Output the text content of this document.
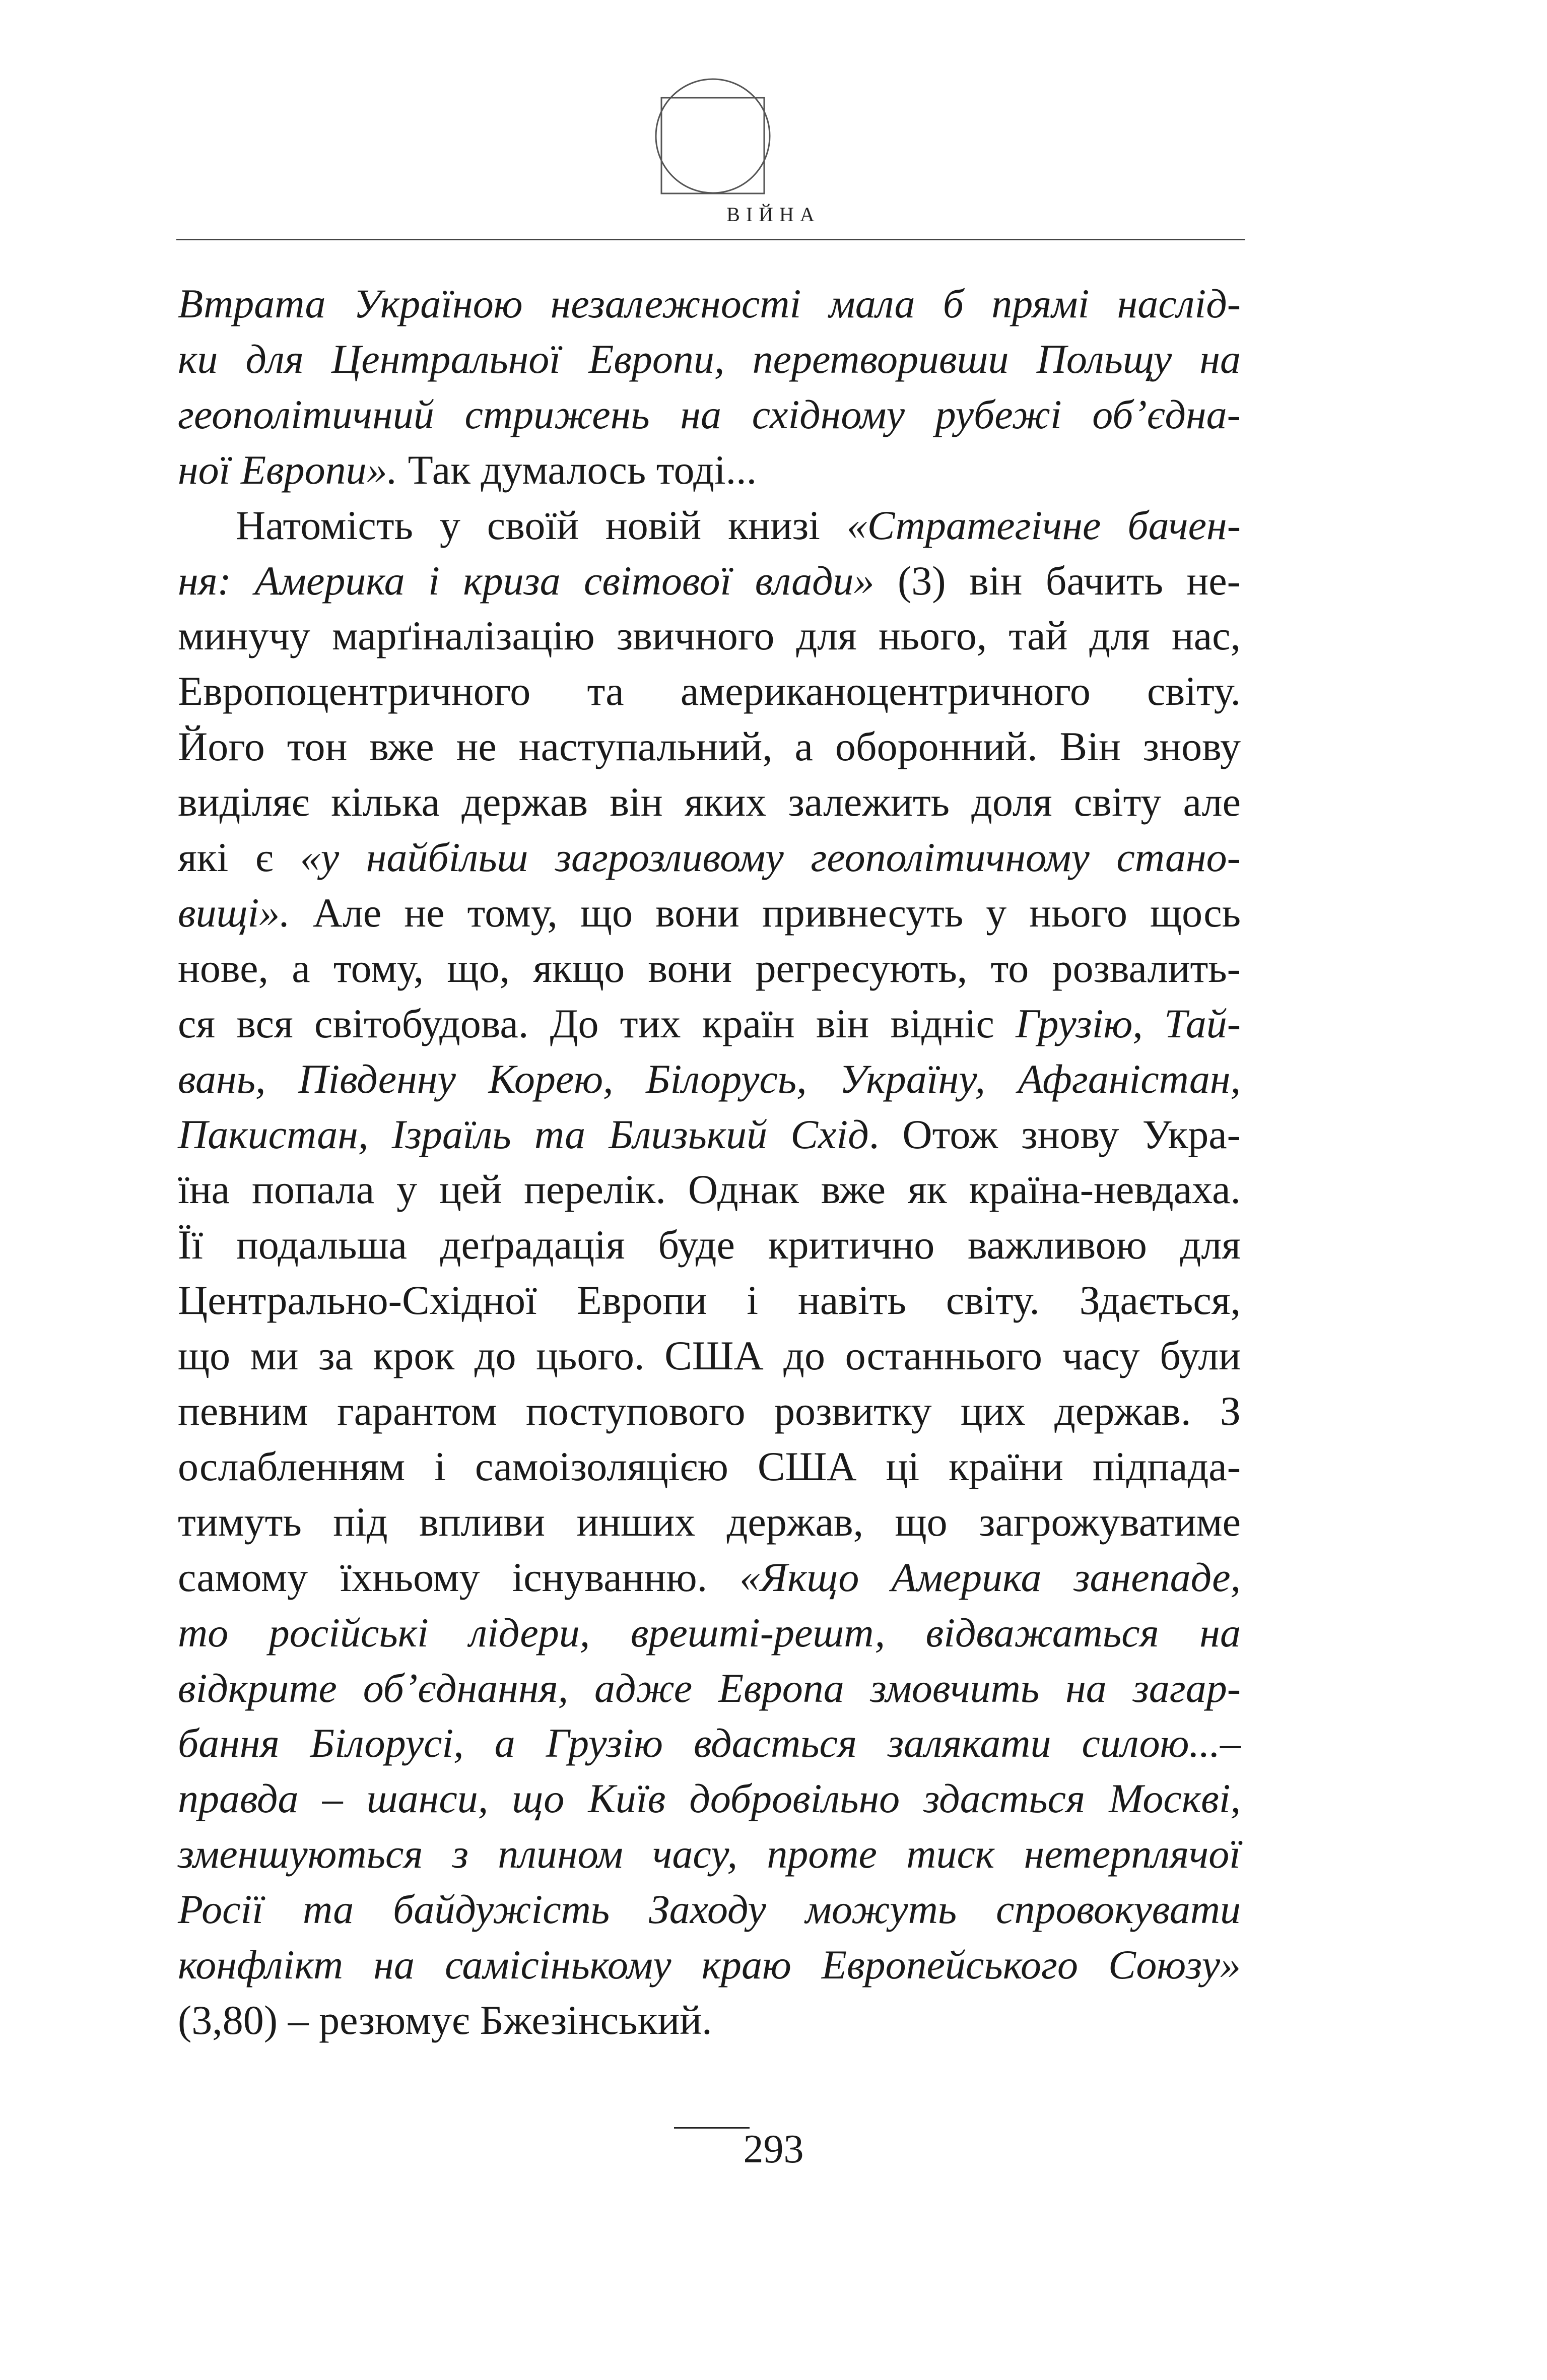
ВІЙНА
Втрата Україною незалежності мала б прямі наслід-
ки для Центральної Европи, перетворивши Польщу на
геополітичний стрижень на східному рубежі об’єдна-
ної Европи». Так думалось тоді...
Натомість у своїй новій книзі «Стратегічне бачен-
ня: Америка і криза світової влади» (3) він бачить не-
минучу марґіналізацію звичного для нього, тай для нас,
Европоцентричного та американоцентричного світу.
Його тон вже не наступальний, а оборонний. Він знову
виділяє кілька держав він яких залежить доля світу але
які є «у найбільш загрозливому геополітичному стано-
вищі». Але не тому, що вони привнесуть у нього щось
нове, а тому, що, якщо вони регресують, то розвалить-
ся вся світобудова. До тих країн він відніс Грузію, Тай-
вань, Південну Корею, Білорусь, Україну, Афганістан,
Пакистан, Ізраїль та Близький Схід. Отож знову Укра-
їна попала у цей перелік. Однак вже як країна-невдаха.
Її подальша деґрадація буде критично важливою для
Центрально-Східної Европи і навіть світу. Здається,
що ми за крок до цього. США до останнього часу були
певним гарантом поступового розвитку цих держав. З
ослабленням і самоізоляцією США ці країни підпада-
тимуть під впливи инших держав, що загрожуватиме
самому їхньому існуванню. «Якщо Америка занепаде,
то російські лідери, врешті-решт, відважаться на
відкрите об’єднання, адже Европа змовчить на загар-
бання Білорусі, а Грузію вдасться залякати силою...–
правда – шанси, що Київ добровільно здасться Москві,
зменшуються з плином часу, проте тиск нетерплячої
Росії та байдужість Заходу можуть спровокувати
конфлікт на самісінькому краю Европейського Союзу»
(3,80) – резюмує Бжезінський.
293
